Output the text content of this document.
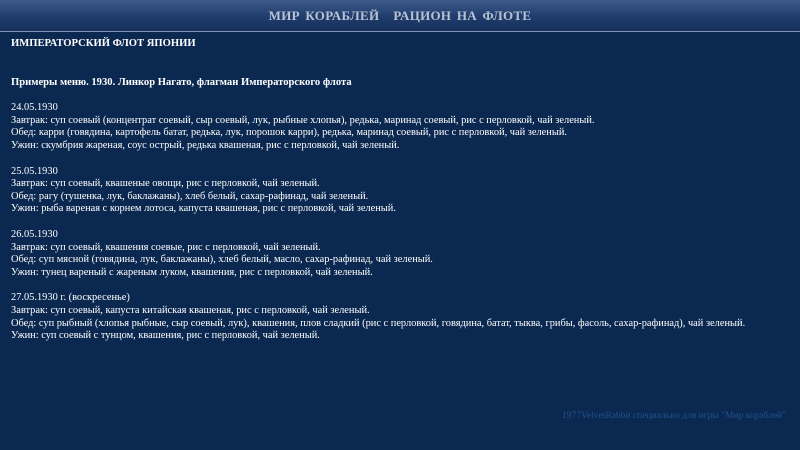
МИР КОРАБЛЕЙ РАЦИОН НА ФЛОТЕ
ИМПЕРАТОРСКИЙ ФЛОТ ЯПОНИИ
Примеры меню. 1930. Линкор Нагато, флагман Императорского флота
24.05.1930
Завтрак: суп соевый (концентрат соевый, сыр соевый, лук, рыбные хлопья), редька, маринад соевый, рис с перловкой, чай зеленый.
Обед: карри (говядина, картофель батат, редька, лук, порошок карри), редька, маринад соевый, рис с перловкой, чай зеленый.
Ужин: скумбрия жареная, соус острый, редька квашеная, рис с перловкой, чай зеленый.
25.05.1930
Завтрак: суп соевый, квашеные овощи, рис с перловкой, чай зеленый.
Обед: рагу (тушенка, лук, баклажаны), хлеб белый, сахар-рафинад, чай зеленый.
Ужин: рыба вареная с корнем лотоса, капуста квашеная, рис с перловкой, чай зеленый.
26.05.1930
Завтрак: суп соевый, квашения соевые, рис с перловкой, чай зеленый.
Обед: суп мясной (говядина, лук, баклажаны), хлеб белый, масло, сахар-рафинад, чай зеленый.
Ужин: тунец вареный с жареным луком, квашения, рис с перловкой, чай зеленый.
27.05.1930 г. (воскресенье)
Завтрак: суп соевый, капуста китайская квашеная, рис с перловкой, чай зеленый.
Обед: суп рыбный (хлопья рыбные, сыр соевый, лук), квашения, плов сладкий (рис с перловкой, говядина, батат, тыква, грибы, фасоль, сахар-рафинад), чай зеленый.
Ужин: суп соевый с тунцом, квашения, рис с перловкой, чай зеленый.
1977VelvetRabbit специально для игры "Мир кораблей"
